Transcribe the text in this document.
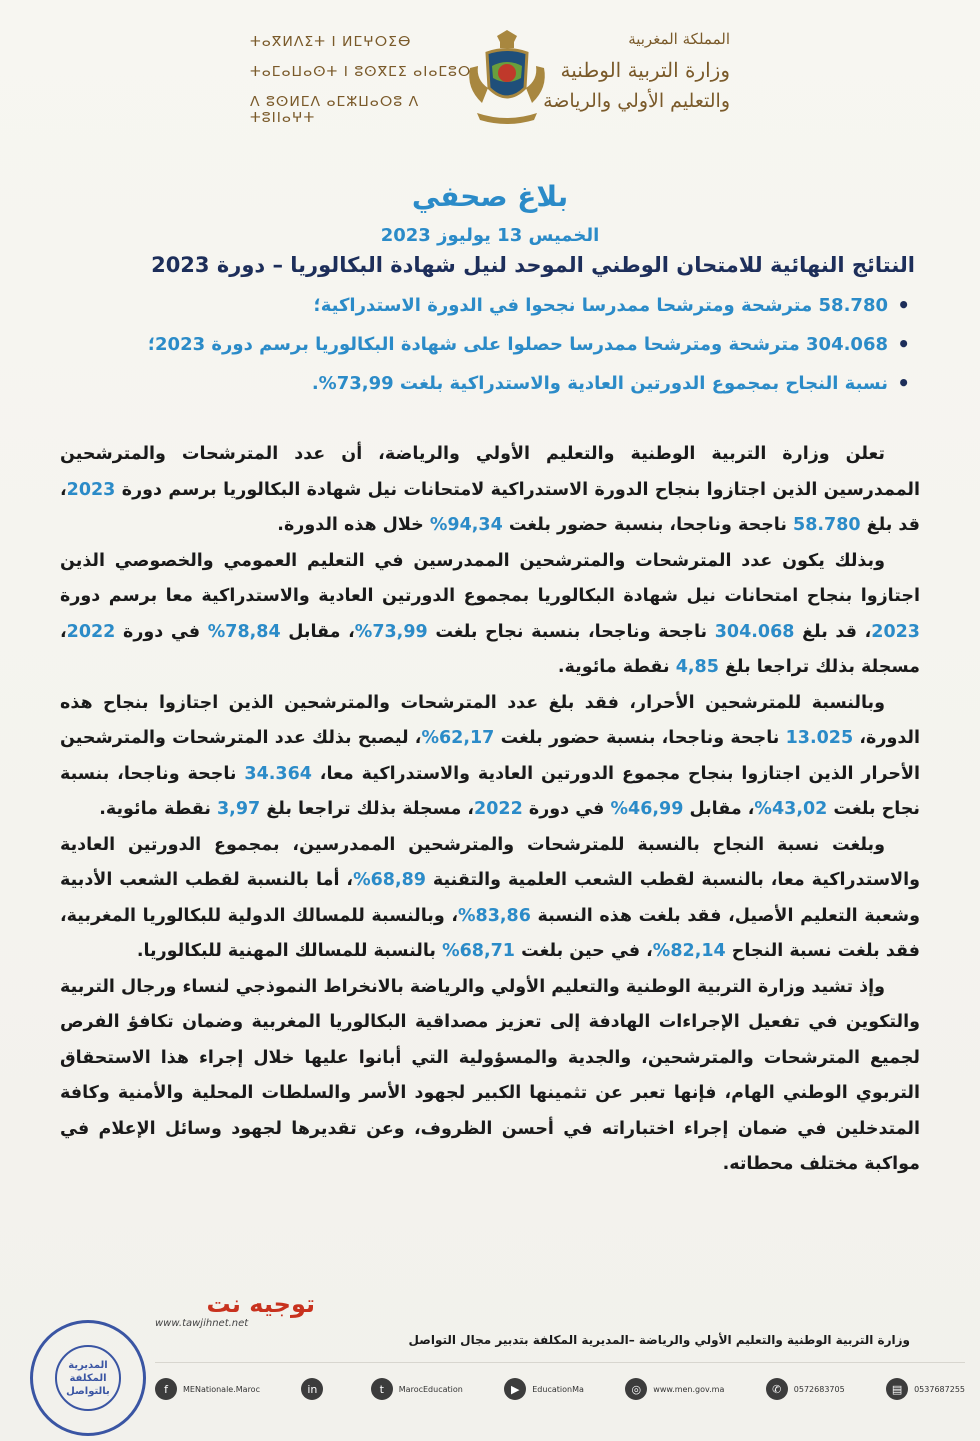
المملكة المغربية
وزارة التربية الوطنية
والتعليم الأولي والرياضة
ⵜⴰⴳⵍⴷⵉⵜ ⵏ ⵍⵎⵖⵔⵉⴱ
ⵜⴰⵎⴰⵡⴰⵙⵜ ⵏ ⵓⵙⴳⵎⵉ ⴰⵏⴰⵎⵓⵔ
ⴷ ⵓⵙⵍⵎⴷ ⴰⵎⵣⵡⴰⵔⵓ ⴷ ⵜⵓⵏⵏⴰⵖⵜ
بلاغ صحفي
الخميس 13 يوليوز 2023
النتائج النهائية للامتحان الوطني الموحد لنيل شهادة البكالوريا – دورة 2023
• 58.780 مترشحة ومترشحا ممدرسا نجحوا في الدورة الاستدراكية؛
• 304.068 مترشحة ومترشحا ممدرسا حصلوا على شهادة البكالوريا برسم دورة 2023؛
• نسبة النجاح بمجموع الدورتين العادية والاستدراكية بلغت 73,99%.

تعلن وزارة التربية الوطنية والتعليم الأولي والرياضة، أن عدد المترشحات والمترشحين الممدرسين الذين اجتازوا بنجاح الدورة الاستدراكية لامتحانات نيل شهادة البكالوريا برسم دورة 2023، قد بلغ 58.780 ناجحة وناجحا، بنسبة حضور بلغت 94,34% خلال هذه الدورة.

وبذلك يكون عدد المترشحات والمترشحين الممدرسين في التعليم العمومي والخصوصي الذين اجتازوا بنجاح امتحانات نيل شهادة البكالوريا بمجموع الدورتين العادية والاستدراكية معا برسم دورة 2023، قد بلغ 304.068 ناجحة وناجحا، بنسبة نجاح بلغت 73,99%، مقابل 78,84% في دورة 2022، مسجلة بذلك تراجعا بلغ 4,85 نقطة مائوية.

وبالنسبة للمترشحين الأحرار، فقد بلغ عدد المترشحات والمترشحين الذين اجتازوا بنجاح هذه الدورة، 13.025 ناجحة وناجحا، بنسبة حضور بلغت 62,17%، ليصبح بذلك عدد المترشحات والمترشحين الأحرار الذين اجتازوا بنجاح مجموع الدورتين العادية والاستدراكية معا، 34.364 ناجحة وناجحا، بنسبة نجاح بلغت 43,02%، مقابل 46,99% في دورة 2022، مسجلة بذلك تراجعا بلغ 3,97 نقطة مائوية.

وبلغت نسبة النجاح بالنسبة للمترشحات والمترشحين الممدرسين، بمجموع الدورتين العادية والاستدراكية معا، بالنسبة لقطب الشعب العلمية والتقنية 68,89%، أما بالنسبة لقطب الشعب الأدبية وشعبة التعليم الأصيل، فقد بلغت هذه النسبة 83,86%، وبالنسبة للمسالك الدولية للبكالوريا المغربية، فقد بلغت نسبة النجاح 82,14%، في حين بلغت 68,71% بالنسبة للمسالك المهنية للبكالوريا.

وإذ تشيد وزارة التربية الوطنية والتعليم الأولي والرياضة بالانخراط النموذجي لنساء ورجال التربية والتكوين في تفعيل الإجراءات الهادفة إلى تعزيز مصداقية البكالوريا المغربية وضمان تكافؤ الفرص لجميع المترشحات والمترشحين، والجدية والمسؤولية التي أبانوا عليها خلال إجراء هذا الاستحقاق التربوي الوطني الهام، فإنها تعبر عن تثمينها الكبير لجهود الأسر والسلطات المحلية والأمنية وكافة المتدخلين في ضمان إجراء اختباراته في أحسن الظروف، وعن تقديرها لجهود وسائل الإعلام في مواكبة مختلف محطاته.

وزارة التربية الوطنية والتعليم الأولي والرياضة –المديرية المكلفة بتدبير مجال التواصل
f	MENationale.Maroc	in	t	MarocEducation	▶	EducationMa	◎	www.men.gov.ma	✆	0572683705	▤	0537687255
المديرية المكلفة بالتواصل
توجيه نت
www.tawjihnet.net
